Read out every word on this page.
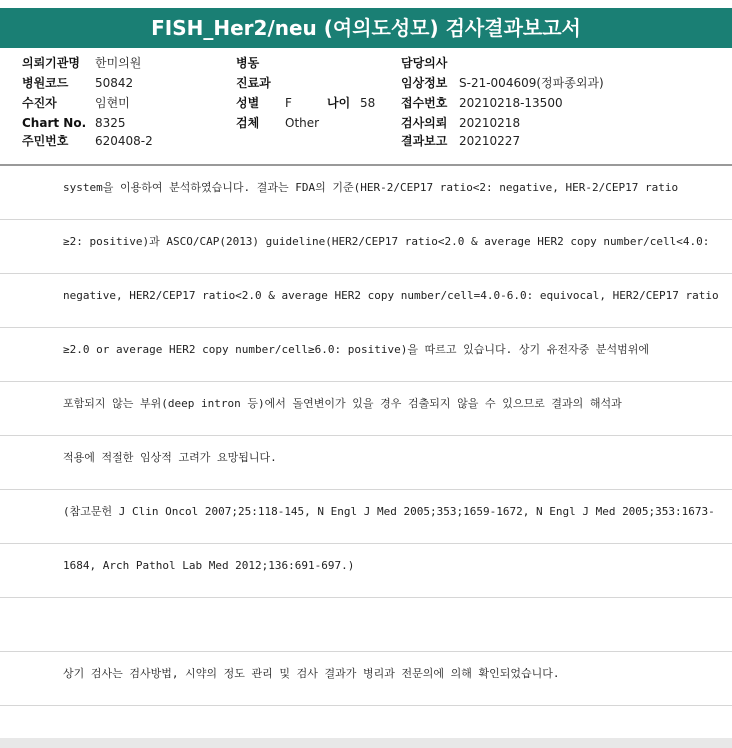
FISH_Her2/neu (여의도성모) 검사결과보고서
의뢰기관명 한미의원	병동	담당의사
병원코드 50842	진료과	임상정보 S-21-004609(정파종외과)
수진자	임현미	성별 F	나이 58 접수번호 20210218-13500
Chart No. 8325	검체 Other	검사의뢰 20210218
주민번호 620408-2	결과보고 20210227
system을 이용하여 분석하였습니다. 결과는 FDA의 기준(HER-2/CEP17 ratio<2: negative, HER-2/CEP17 ratio
≥2: positive)과 ASCO/CAP(2013) guideline(HER2/CEP17 ratio<2.0 & average HER2 copy number/cell<4.0:
negative, HER2/CEP17 ratio<2.0 & average HER2 copy number/cell=4.0-6.0: equivocal, HER2/CEP17 ratio
≥2.0 or average HER2 copy number/cell≥6.0: positive)을 따르고 있습니다. 상기 유전자중 분석범위에
포함되지 않는 부위(deep intron 등)에서 돌연변이가 있을 경우 검출되지 않을 수 있으므로 결과의 해석과
적용에 적절한 임상적 고려가 요망됩니다.
(참고문헌 J Clin Oncol 2007;25:118-145, N Engl J Med 2005;353;1659-1672, N Engl J Med 2005;353:1673-
1684, Arch Pathol Lab Med 2012;136:691-697.)
상기 검사는 검사방법, 시약의 정도 관리 및 검사 결과가 병리과 전문의에 의해 확인되었습니다.
